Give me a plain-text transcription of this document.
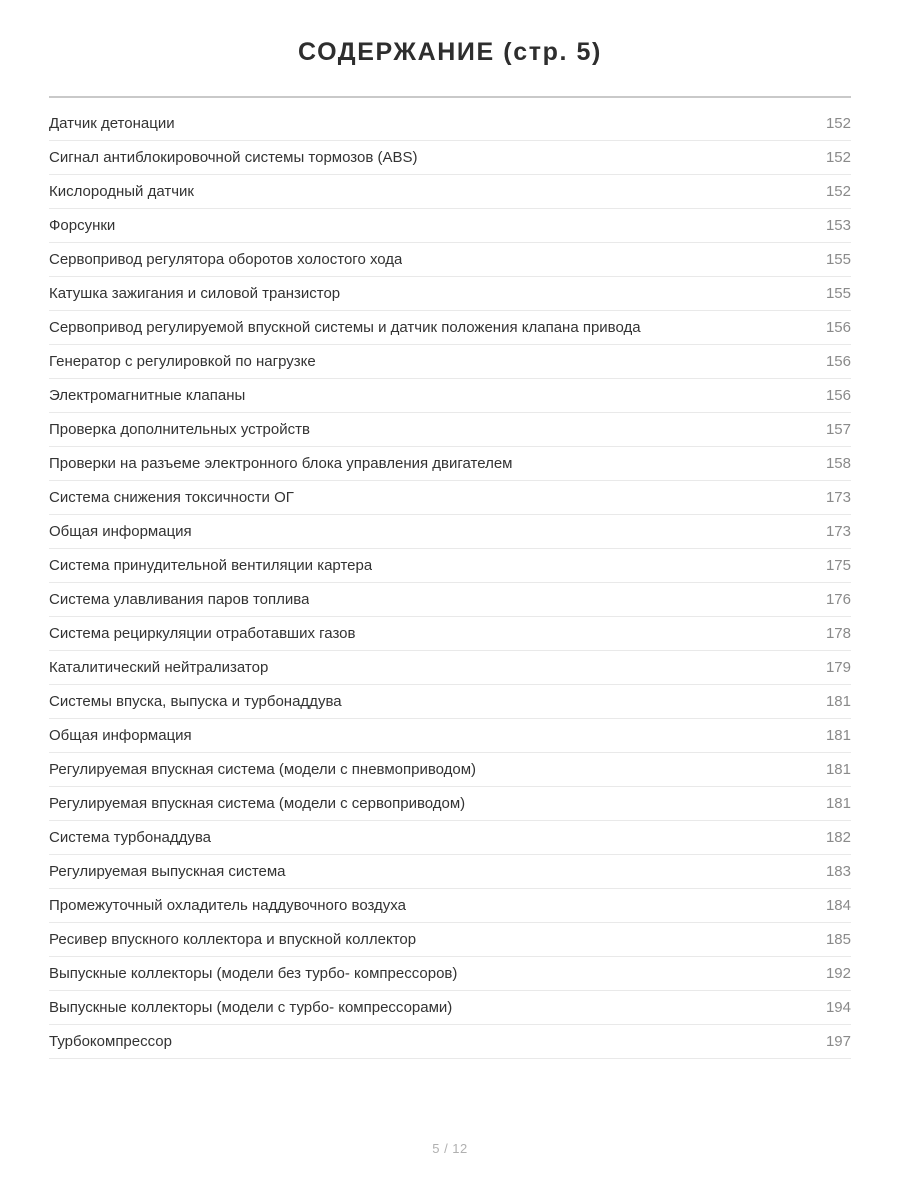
СОДЕРЖАНИЕ (стр. 5)
Датчик детонации	152
Сигнал антиблокировочной системы тормозов (ABS)	152
Кислородный датчик	152
Форсунки	153
Сервопривод регулятора оборотов холостого хода	155
Катушка зажигания и силовой транзистор	155
Сервопривод регулируемой впускной системы и датчик положения клапана привода	156
Генератор с регулировкой по нагрузке	156
Электромагнитные клапаны	156
Проверка дополнительных устройств	157
Проверки на разъеме электронного блока управления двигателем	158
Система снижения токсичности ОГ	173
Общая информация	173
Система принудительной вентиляции картера	175
Система улавливания паров топлива	176
Система рециркуляции отработавших газов	178
Каталитический нейтрализатор	179
Системы впуска, выпуска и турбонаддува	181
Общая информация	181
Регулируемая впускная система (модели с пневмоприводом)	181
Регулируемая впускная система (модели с сервоприводом)	181
Система турбонаддува	182
Регулируемая выпускная система	183
Промежуточный охладитель наддувочного воздуха	184
Ресивер впускного коллектора и впускной коллектор	185
Выпускные коллекторы (модели без турбо- компрессоров)	192
Выпускные коллекторы (модели с турбо- компрессорами)	194
Турбокомпрессор	197
5 / 12
